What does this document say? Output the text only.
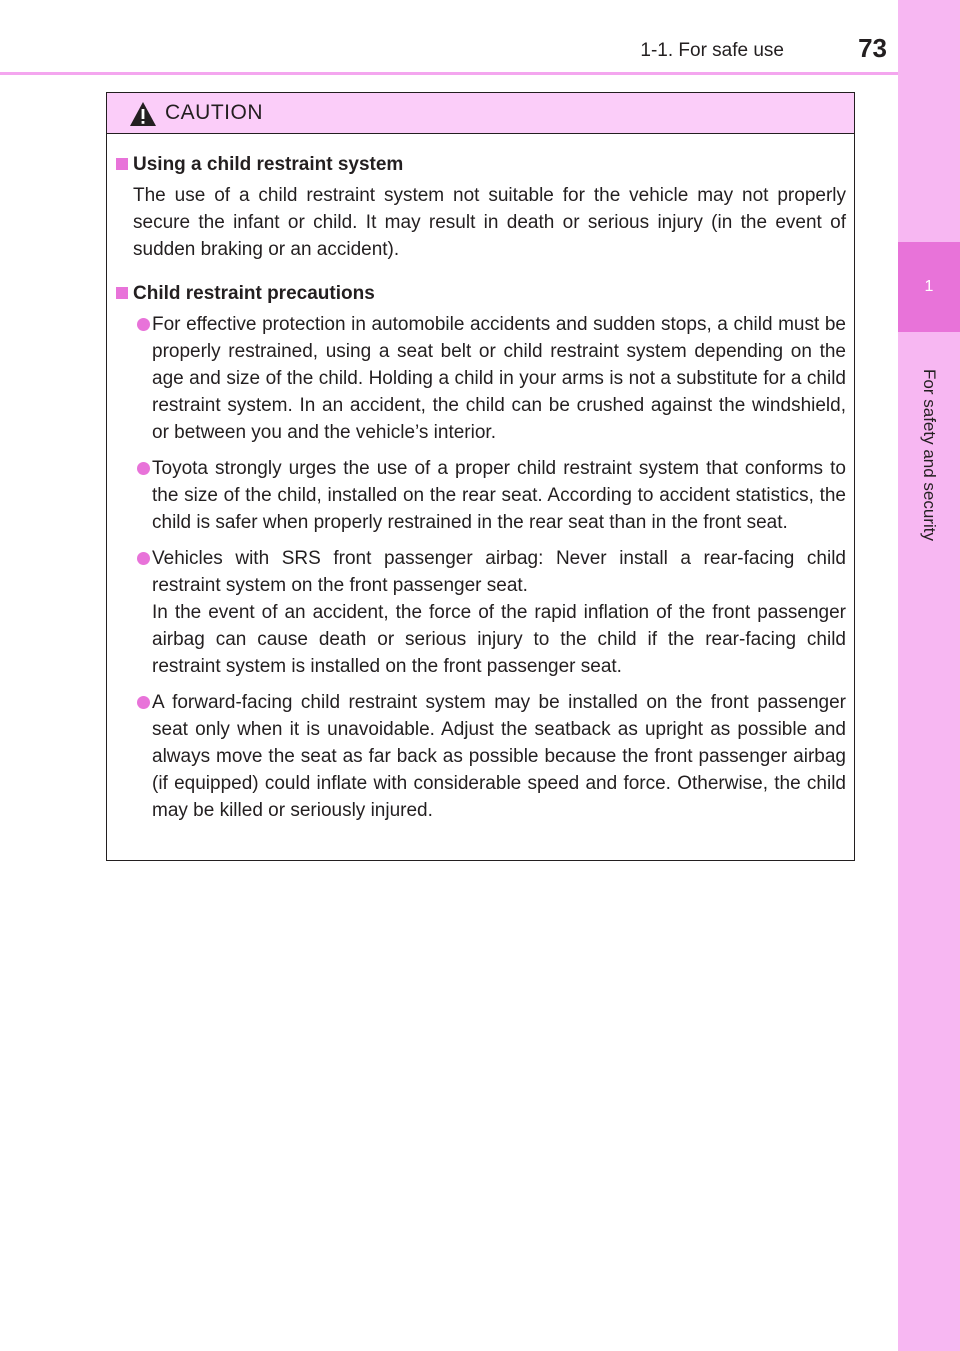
1-1. For safe use	73
1
For safety and security
CAUTION
Using a child restraint system
The use of a child restraint system not suitable for the vehicle may not properly secure the infant or child. It may result in death or serious injury (in the event of sudden braking or an accident).
Child restraint precautions
For effective protection in automobile accidents and sudden stops, a child must be properly restrained, using a seat belt or child restraint system depending on the age and size of the child. Holding a child in your arms is not a substitute for a child restraint system. In an accident, the child can be crushed against the windshield, or between you and the vehicle’s interior.
Toyota strongly urges the use of a proper child restraint system that conforms to the size of the child, installed on the rear seat. According to accident statistics, the child is safer when properly restrained in the rear seat than in the front seat.
Vehicles with SRS front passenger airbag: Never install a rear-facing child restraint system on the front passenger seat.
In the event of an accident, the force of the rapid inflation of the front passenger airbag can cause death or serious injury to the child if the rear-facing child restraint system is installed on the front passenger seat.
A forward-facing child restraint system may be installed on the front passenger seat only when it is unavoidable. Adjust the seatback as upright as possible and always move the seat as far back as possible because the front passenger airbag (if equipped) could inflate with considerable speed and force. Otherwise, the child may be killed or seriously injured.
